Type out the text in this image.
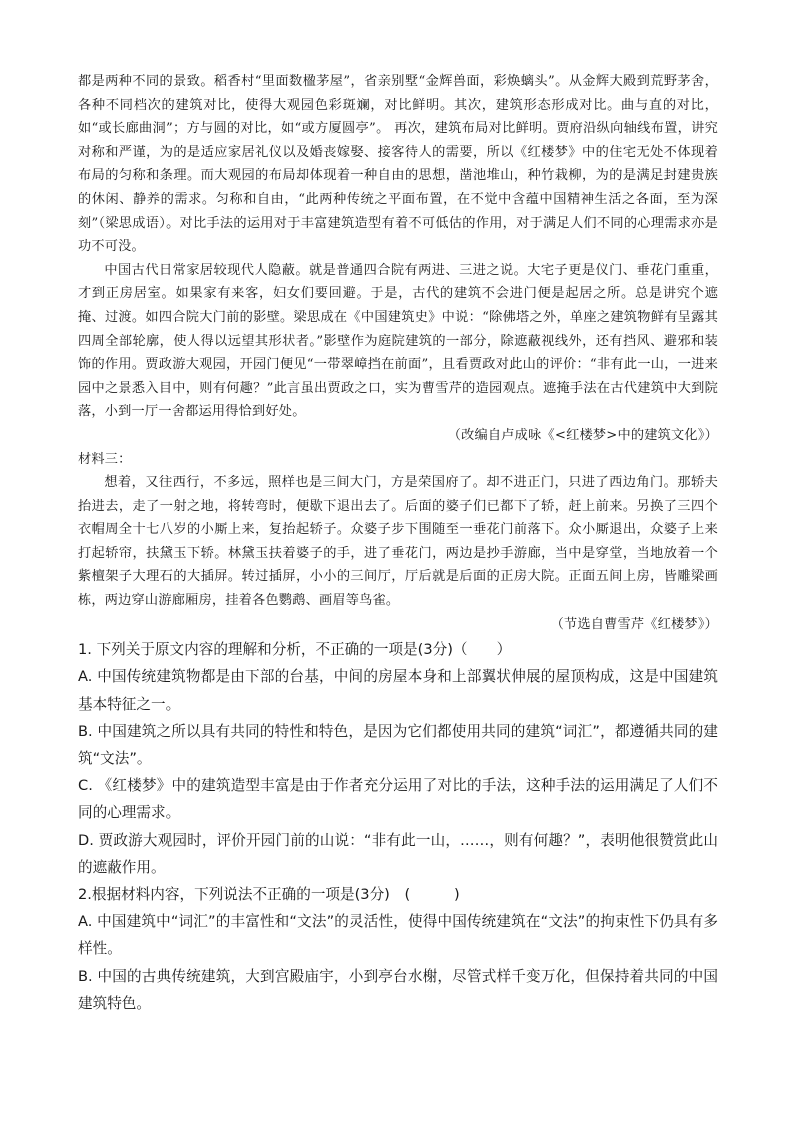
都是两种不同的景致。稻香村“里面数楹茅屋”，省亲别墅“金辉兽面，彩焕螭头”。从金辉大殿到荒野茅舍，各种不同档次的建筑对比，使得大观园色彩斑斓，对比鲜明。其次，建筑形态形成对比。曲与直的对比，如“或长廊曲洞”；方与圆的对比，如“或方厦圆亭”。 再次，建筑布局对比鲜明。贾府沿纵向轴线布置，讲究对称和严谨，为的是适应家居礼仪以及婚丧嫁娶、接客待人的需要，所以《红楼梦》中的住宅无处不体现着布局的匀称和条理。而大观园的布局却体现着一种自由的思想，凿池堆山，种竹栽柳，为的是满足封建贵族的休闲、静养的需求。匀称和自由，“此两种传统之平面布置，在不觉中含蕴中国精神生活之各面，至为深刻”（梁思成语）。对比手法的运用对于丰富建筑造型有着不可低估的作用，对于满足人们不同的心理需求亦是功不可没。

中国古代日常家居较现代人隐蔽。就是普通四合院有两进、三进之说。大宅子更是仪门、垂花门重重，才到正房居室。如果家有来客，妇女们要回避。于是，古代的建筑不会进门便是起居之所。总是讲究个遮掩、过渡。如四合院大门前的影壁。梁思成在《中国建筑史》中说：“除佛塔之外，单座之建筑物鲜有呈露其四周全部轮廓，使人得以远望其形状者。”影壁作为庭院建筑的一部分，除遮蔽视线外，还有挡风、避邪和装饰的作用。贾政游大观园，开园门便见“一带翠嶂挡在前面”，且看贾政对此山的评价：“非有此一山，一进来园中之景悉入目中，则有何趣？”此言虽出贾政之口，实为曹雪芹的造园观点。遮掩手法在古代建筑中大到院落，小到一厅一舍都运用得恰到好处。

（改编自卢成咏《<红楼梦>中的建筑文化》）

材料三：

想着，又往西行，不多远，照样也是三间大门，方是荣国府了。却不进正门，只进了西边角门。那轿夫抬进去，走了一射之地，将转弯时，便歇下退出去了。后面的婆子们已都下了轿，赶上前来。另换了三四个衣帽周全十七八岁的小厮上来，复抬起轿子。众婆子步下围随至一垂花门前落下。众小厮退出，众婆子上来打起轿帘，扶黛玉下轿。林黛玉扶着婆子的手，进了垂花门，两边是抄手游廊，当中是穿堂，当地放着一个紫檀架子大理石的大插屏。转过插屏，小小的三间厅，厅后就是后面的正房大院。正面五间上房，皆雕梁画栋，两边穿山游廊厢房，挂着各色鹦鹉、画眉等鸟雀。

（节选自曹雪芹《红楼梦》）

1. 下列关于原文内容的理解和分析，不正确的一项是(3分)（　　）

A. 中国传统建筑物都是由下部的台基，中间的房屋本身和上部翼状伸展的屋顶构成，这是中国建筑基本特征之一。

B. 中国建筑之所以具有共同的特性和特色，是因为它们都使用共同的建筑“词汇”，都遵循共同的建筑“文法”。

C. 《红楼梦》中的建筑造型丰富是由于作者充分运用了对比的手法，这种手法的运用满足了人们不同的心理需求。

D. 贾政游大观园时，评价开园门前的山说：“非有此一山，……，则有何趣？”，表明他很赞赏此山的遮蔽作用。

2.根据材料内容，下列说法不正确的一项是(3分)　(　　　)

A. 中国建筑中“词汇”的丰富性和“文法”的灵活性，使得中国传统建筑在“文法”的拘束性下仍具有多样性。

B. 中国的古典传统建筑，大到宫殿庙宇，小到亭台水榭，尽管式样千变万化，但保持着共同的中国建筑特色。
